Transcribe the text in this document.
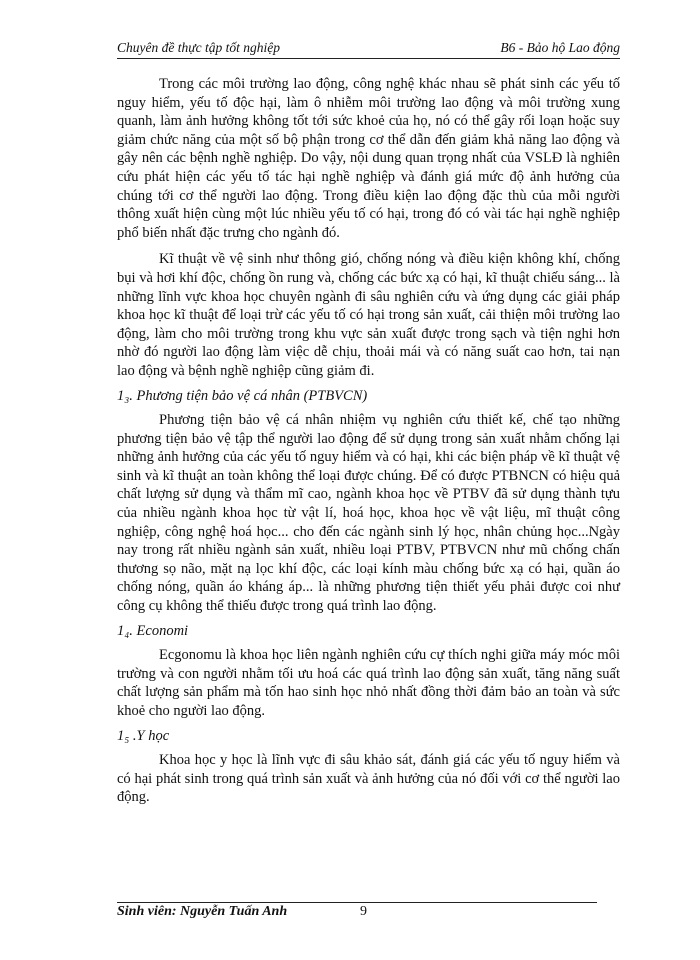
Chuyên đề thực tập tốt nghiệp	B6 - Bảo hộ Lao động

Trong các môi trường lao động, công nghệ khác nhau sẽ phát sinh các yếu tố nguy hiểm, yếu tố độc hại, làm ô nhiễm môi trường lao động và môi trường xung quanh, làm ảnh hưởng không tốt tới sức khoẻ của họ, nó có thể gây rối loạn hoặc suy giảm chức năng của một số bộ phận trong cơ thể dẫn đến giảm khả năng lao động và gây nên các bệnh nghề nghiệp. Do vậy, nội dung quan trọng nhất của VSLĐ là nghiên cứu phát hiện các yếu tố tác hại nghề nghiệp và đánh giá mức độ ảnh hưởng của chúng tới cơ thể người lao động. Trong điều kiện lao động đặc thù của mỗi người thông xuất hiện cùng một lúc nhiều yếu tố có hại, trong đó có vài tác hại nghề nghiệp phổ biến nhất đặc trưng cho ngành đó.

Kĩ thuật về vệ sinh như thông gió, chống nóng và điều kiện không khí, chống bụi và hơi khí độc, chống ồn rung và, chống các bức xạ có hại, kĩ thuật chiếu sáng... là những lĩnh vực khoa học chuyên ngành đi sâu nghiên cứu và ứng dụng các giải pháp khoa học kĩ thuật để loại trừ các yếu tố có hại trong sản xuất, cải thiện môi trường lao động, làm cho môi trường trong khu vực sản xuất được trong sạch và tiện nghi hơn nhờ đó người lao động làm việc dễ chịu, thoải mái và có năng suất cao hơn, tai nạn lao động và bệnh nghề nghiệp cũng giảm đi.

1₃. Phương tiện bảo vệ cá nhân (PTBVCN)

Phương tiện bảo vệ cá nhân nhiệm vụ nghiên cứu thiết kế, chế tạo những phương tiện bảo vệ tập thể người lao động để sử dụng trong sản xuất nhằm chống lại những ảnh hưởng của các yếu tố nguy hiểm và có hại, khi các biện pháp về kĩ thuật vệ sinh và kĩ thuật an toàn không thể loại được chúng. Để có được PTBNCN có hiệu quả chất lượng sử dụng và thẩm mĩ cao, ngành khoa học về PTBV đã sử dụng thành tựu của nhiều ngành khoa học từ vật lí, hoá học, khoa học về vật liệu, mĩ thuật công nghiệp, công nghệ hoá học... cho đến các ngành sinh lý học, nhân chủng học...Ngày nay trong rất nhiều ngành sản xuất, nhiều loại PTBV, PTBVCN như mũ chống chấn thương sọ não, mặt nạ lọc khí độc, các loại kính màu chống bức xạ có hại, quần áo chống nóng, quần áo kháng áp... là những phương tiện thiết yếu phải được coi như công cụ không thể thiếu được trong quá trình lao động.

1₄. Economi

Ecgonomu là khoa học liên ngành nghiên cứu cự thích nghi giữa máy móc môi trường và con người nhằm tối ưu hoá các quá trình lao động sản xuất, tăng năng suất chất lượng sản phẩm mà tốn hao sinh học nhỏ nhất đồng thời đảm bảo an toàn và sức khoẻ cho người lao động.

1₅ .Y học

Khoa học y học là lĩnh vực đi sâu khảo sát, đánh giá các yếu tố nguy hiểm và có hại phát sinh trong quá trình sản xuất và ảnh hưởng của nó đối với cơ thể người lao động.

Sinh viên: Nguyễn Tuấn Anh	9
